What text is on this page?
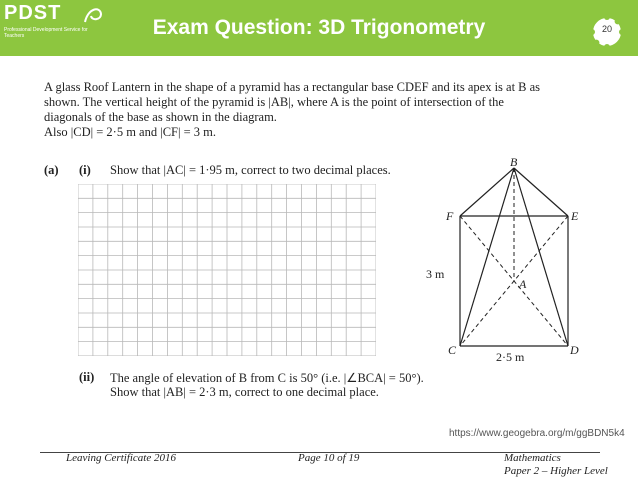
PDST
Professional Development Service for Teachers	Exam Question: 3D Trigonometry	20
A glass Roof Lantern in the shape of a pyramid has a rectangular base CDEF and its apex is at B as
shown. The vertical height of the pyramid is |AB|, where A is the point of intersection of the
diagonals of the base as shown in the diagram.
Also |CD| = 2·5 m and |CF| = 3 m.
(a) (i) Show that |AC| = 1·95 m, correct to two decimal places.
B
F	E
A
C	D
3 m
2·5 m
(ii) The angle of elevation of B from C is 50° (i.e. |∠BCA| = 50°).
Show that |AB| = 2·3 m, correct to one decimal place.
https://www.geogebra.org/m/ggBDN5k4
Leaving Certificate 2016	Page 10 of 19	Mathematics
Paper 2 – Higher Level
